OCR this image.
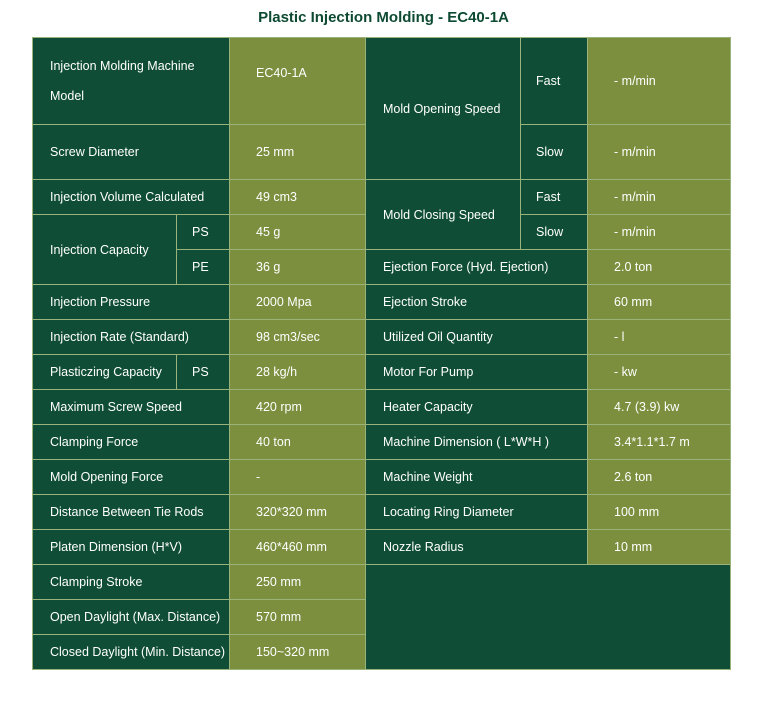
Plastic Injection Molding - EC40-1A
Injection Molding Machine Model		EC40-1A	Mold Opening Speed	Fast	- m/min
Screw Diameter		25 mm		Slow	- m/min
Injection Volume Calculated		49 cm3	Mold Closing Speed	Fast	- m/min
Injection Capacity	PS	45 g		Slow	- m/min
	PE	36 g	Ejection Force (Hyd. Ejection)		2.0 ton
Injection Pressure		2000 Mpa	Ejection Stroke		60 mm
Injection Rate (Standard)		98 cm3/sec	Utilized Oil Quantity		- l
Plasticzing Capacity	PS	28 kg/h	Motor For Pump		- kw
Maximum Screw Speed		420 rpm	Heater Capacity		4.7 (3.9) kw
Clamping Force		40 ton	Machine Dimension ( L*W*H )		3.4*1.1*1.7 m
Mold Opening Force		-	Machine Weight		2.6 ton
Distance Between Tie Rods		320*320 mm	Locating Ring Diameter		100 mm
Platen Dimension (H*V)		460*460 mm	Nozzle Radius		10 mm
Clamping Stroke		250 mm			
Open Daylight (Max. Distance)		570 mm			
Closed Daylight (Min. Distance)		150~320 mm			
